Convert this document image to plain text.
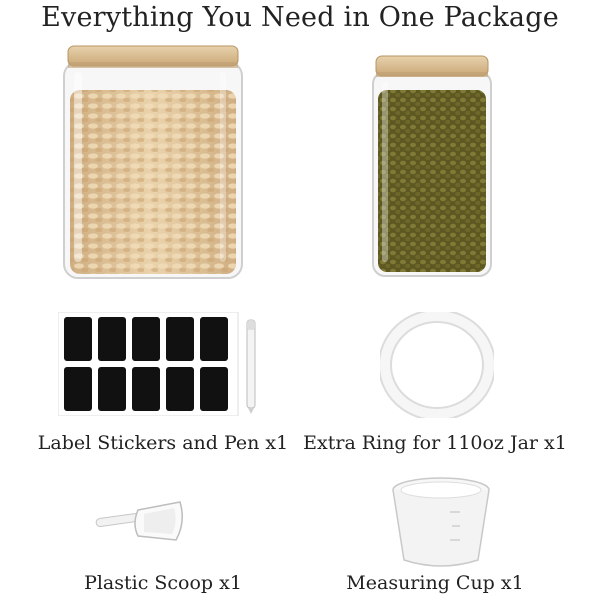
Everything You Need in One Package
Label Stickers and Pen x1 Extra Ring for 110oz Jar x1
Plastic Scoop x1	Measuring Cup x1
